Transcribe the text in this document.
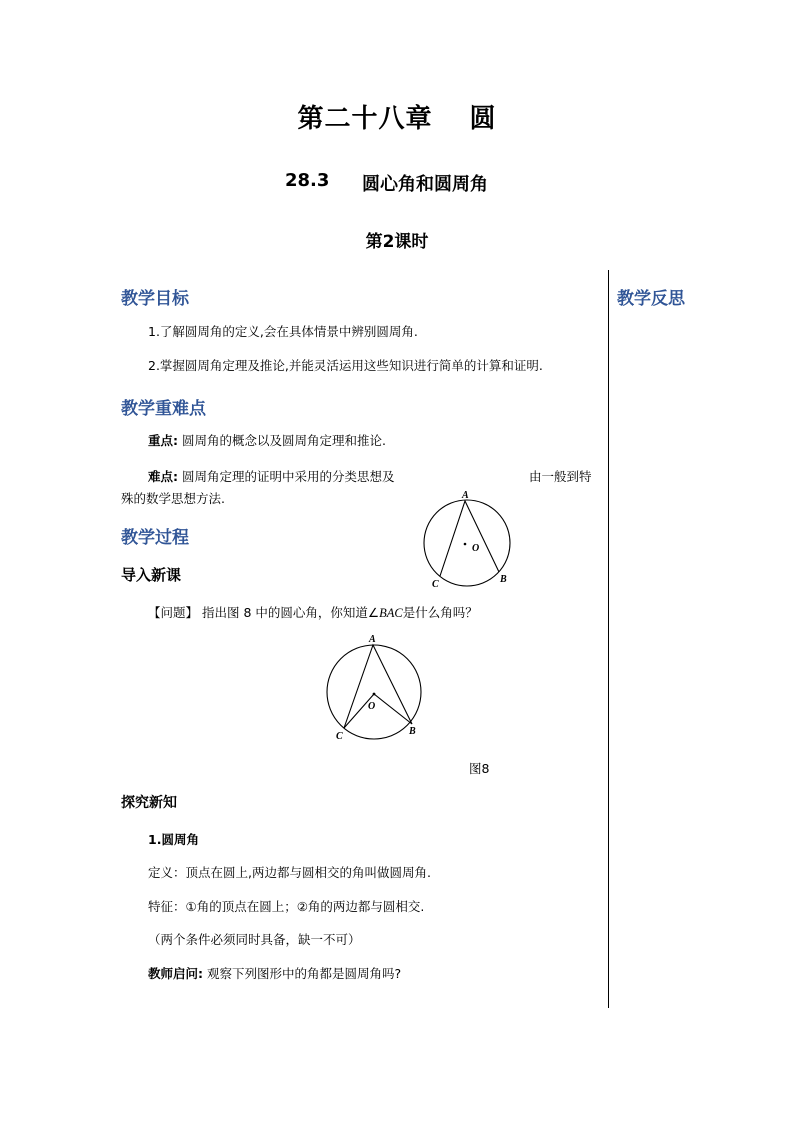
第二十八章　 圆
28.3 圆心角和圆周角
第2课时
教学反思
教学目标
1.了解圆周角的定义,会在具体情景中辨别圆周角.
2.掌握圆周角定理及推论,并能灵活运用这些知识进行简单的计算和证明.
教学重难点
重点: 圆周角的概念以及圆周角定理和推论.
难点: 圆周角定理的证明中采用的分类思想及	由一般到特
殊的数学思想方法.
教学过程
导入新课
A
C	B
O
【问题】 指出图 8 中的圆心角，你知道∠BAC是什么角吗？
A
C	B
O
图8
探究新知
1.圆周角
定义：顶点在圆上,两边都与圆相交的角叫做圆周角.
特征：①角的顶点在圆上；②角的两边都与圆相交.
（两个条件必须同时具备，缺一不可）
教师启问: 观察下列图形中的角都是圆周角吗?
